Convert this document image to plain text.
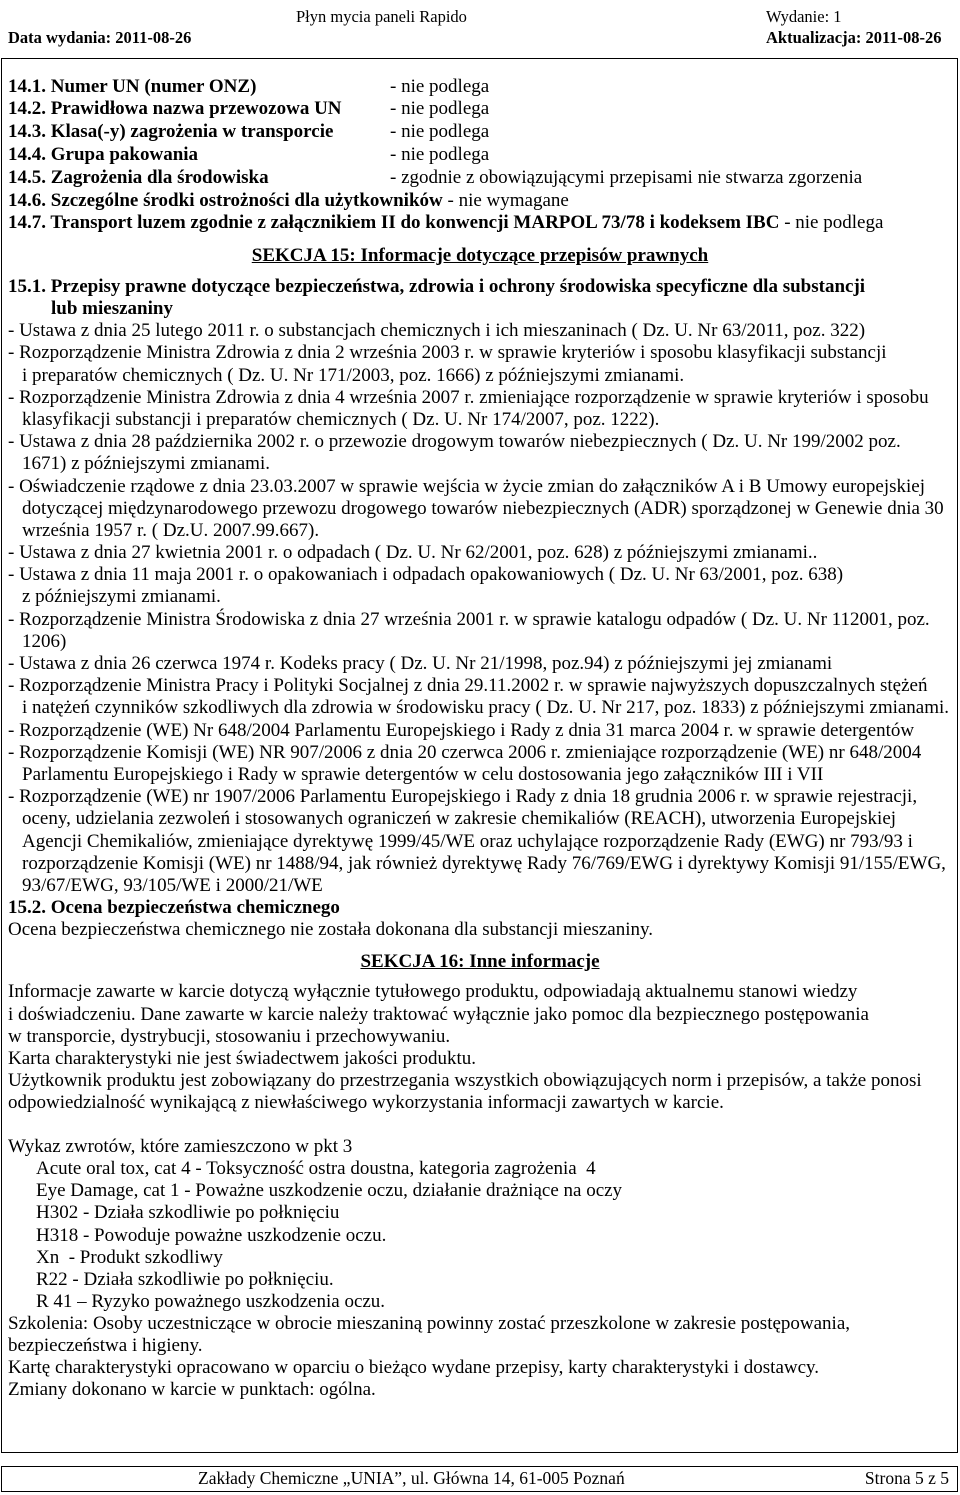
Płyn mycia paneli Rapido	Wydanie: 1
Data wydania: 2011-08-26	Aktualizacja: 2011-08-26
14.1. Numer UN (numer ONZ)	- nie podlega
14.2. Prawidłowa nazwa przewozowa UN	- nie podlega
14.3. Klasa(-y) zagrożenia w transporcie	- nie podlega
14.4. Grupa pakowania	- nie podlega
14.5. Zagrożenia dla środowiska	- zgodnie z obowiązującymi przepisami nie stwarza zgorzenia
14.6. Szczególne środki ostrożności dla użytkowników - nie wymagane
14.7. Transport luzem zgodnie z załącznikiem II do konwencji MARPOL 73/78 i kodeksem IBC - nie podlega
SEKCJA 15: Informacje dotyczące przepisów prawnych
15.1. Przepisy prawne dotyczące bezpieczeństwa, zdrowia i ochrony środowiska specyficzne dla substancji
lub mieszaniny
- Ustawa z dnia 25 lutego 2011 r. o substancjach chemicznych i ich mieszaninach ( Dz. U. Nr 63/2011, poz. 322)
- Rozporządzenie Ministra Zdrowia z dnia 2 września 2003 r. w sprawie kryteriów i sposobu klasyfikacji substancji
i preparatów chemicznych ( Dz. U. Nr 171/2003, poz. 1666) z późniejszymi zmianami.
- Rozporządzenie Ministra Zdrowia z dnia 4 września 2007 r. zmieniające rozporządzenie w sprawie kryteriów i sposobu
klasyfikacji substancji i preparatów chemicznych ( Dz. U. Nr 174/2007, poz. 1222).
- Ustawa z dnia 28 października 2002 r. o przewozie drogowym towarów niebezpiecznych ( Dz. U. Nr 199/2002 poz.
1671) z późniejszymi zmianami.
- Oświadczenie rządowe z dnia 23.03.2007 w sprawie wejścia w życie zmian do załączników A i B Umowy europejskiej
dotyczącej międzynarodowego przewozu drogowego towarów niebezpiecznych (ADR) sporządzonej w Genewie dnia 30
września 1957 r. ( Dz.U. 2007.99.667).
- Ustawa z dnia 27 kwietnia 2001 r. o odpadach ( Dz. U. Nr 62/2001, poz. 628) z późniejszymi zmianami..
- Ustawa z dnia 11 maja 2001 r. o opakowaniach i odpadach opakowaniowych ( Dz. U. Nr 63/2001, poz. 638)
z późniejszymi zmianami.
- Rozporządzenie Ministra Środowiska z dnia 27 września 2001 r. w sprawie katalogu odpadów ( Dz. U. Nr 112001, poz.
1206)
- Ustawa z dnia 26 czerwca 1974 r. Kodeks pracy ( Dz. U. Nr 21/1998, poz.94) z późniejszymi jej zmianami
- Rozporządzenie Ministra Pracy i Polityki Socjalnej z dnia 29.11.2002 r. w sprawie najwyższych dopuszczalnych stężeń
i natężeń czynników szkodliwych dla zdrowia w środowisku pracy ( Dz. U. Nr 217, poz. 1833) z późniejszymi zmianami.
- Rozporządzenie (WE) Nr 648/2004 Parlamentu Europejskiego i Rady z dnia 31 marca 2004 r. w sprawie detergentów
- Rozporządzenie Komisji (WE) NR 907/2006 z dnia 20 czerwca 2006 r. zmieniające rozporządzenie (WE) nr 648/2004
Parlamentu Europejskiego i Rady w sprawie detergentów w celu dostosowania jego załączników III i VII
- Rozporządzenie (WE) nr 1907/2006 Parlamentu Europejskiego i Rady z dnia 18 grudnia 2006 r. w sprawie rejestracji,
oceny, udzielania zezwoleń i stosowanych ograniczeń w zakresie chemikaliów (REACH), utworzenia Europejskiej
Agencji Chemikaliów, zmieniające dyrektywę 1999/45/WE oraz uchylające rozporządzenie Rady (EWG) nr 793/93 i
rozporządzenie Komisji (WE) nr 1488/94, jak również dyrektywę Rady 76/769/EWG i dyrektywy Komisji 91/155/EWG,
93/67/EWG, 93/105/WE i 2000/21/WE
15.2. Ocena bezpieczeństwa chemicznego
Ocena bezpieczeństwa chemicznego nie została dokonana dla substancji mieszaniny.
SEKCJA 16: Inne informacje
Informacje zawarte w karcie dotyczą wyłącznie tytułowego produktu, odpowiadają aktualnemu stanowi wiedzy
i doświadczeniu. Dane zawarte w karcie należy traktować wyłącznie jako pomoc dla bezpiecznego postępowania
w transporcie, dystrybucji, stosowaniu i przechowywaniu.
Karta charakterystyki nie jest świadectwem jakości produktu.
Użytkownik produktu jest zobowiązany do przestrzegania wszystkich obowiązujących norm i przepisów, a także ponosi
odpowiedzialność wynikającą z niewłaściwego wykorzystania informacji zawartych w karcie.
Wykaz zwrotów, które zamieszczono w pkt 3
Acute oral tox, cat 4 - Toksyczność ostra doustna, kategoria zagrożenia  4
Eye Damage, cat 1 - Poważne uszkodzenie oczu, działanie drażniące na oczy
H302 - Działa szkodliwie po połknięciu
H318 - Powoduje poważne uszkodzenie oczu.
Xn  - Produkt szkodliwy
R22 - Działa szkodliwie po połknięciu.
R 41 – Ryzyko poważnego uszkodzenia oczu.
Szkolenia: Osoby uczestniczące w obrocie mieszaniną powinny zostać przeszkolone w zakresie postępowania,
bezpieczeństwa i higieny.
Kartę charakterystyki opracowano w oparciu o bieżąco wydane przepisy, karty charakterystyki i dostawcy.
Zmiany dokonano w karcie w punktach: ogólna.
Zakłady Chemiczne „UNIA”, ul. Główna 14, 61-005 Poznań	Strona 5 z 5
